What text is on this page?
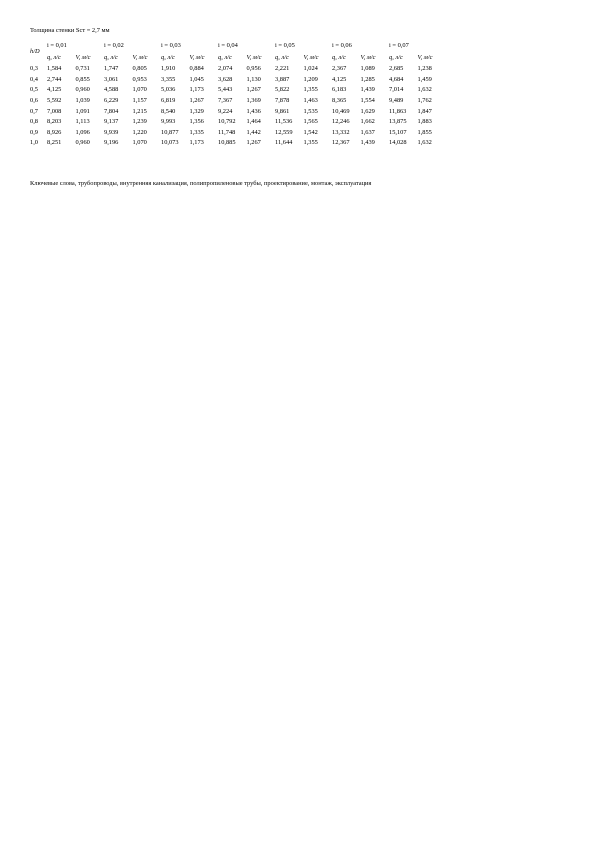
Толщина стенки Scт = 2,7 мм
h/D	i = 0,01		i = 0,02		i = 0,03		i = 0,04		i = 0,05		i = 0,06		i = 0,07	
	q, л/с	V, м/с	q, л/с	V, м/с	q, л/с	V, м/с	q, л/с	V, м/с	q, л/с	V, м/с	q, л/с	V, м/с	q, л/с	V, м/с
0,3	1,584	0,731	1,747	0,805	1,910	0,884	2,074	0,956	2,221	1,024	2,367	1,089	2,685	1,238
0,4	2,744	0,855	3,061	0,953	3,355	1,045	3,628	1,130	3,887	1,209	4,125	1,285	4,684	1,459
0,5	4,125	0,960	4,588	1,070	5,036	1,173	5,443	1,267	5,822	1,355	6,183	1,439	7,014	1,632
0,6	5,592	1,039	6,229	1,157	6,819	1,267	7,367	1,369	7,878	1,463	8,365	1,554	9,489	1,762
0,7	7,008	1,091	7,804	1,215	8,540	1,329	9,224	1,436	9,861	1,535	10,469	1,629	11,863	1,847
0,8	8,203	1,113	9,137	1,239	9,993	1,356	10,792	1,464	11,536	1,565	12,246	1,662	13,875	1,883
0,9	8,926	1,096	9,939	1,220	10,877	1,335	11,748	1,442	12,559	1,542	13,332	1,637	15,107	1,855
1,0	8,251	0,960	9,196	1,070	10,073	1,173	10,885	1,267	11,644	1,355	12,367	1,439	14,028	1,632
Ключевые слова, трубопроводы, внутренняя канализация, полипропиленовые трубы, проектирование, монтаж, эксплуатация
